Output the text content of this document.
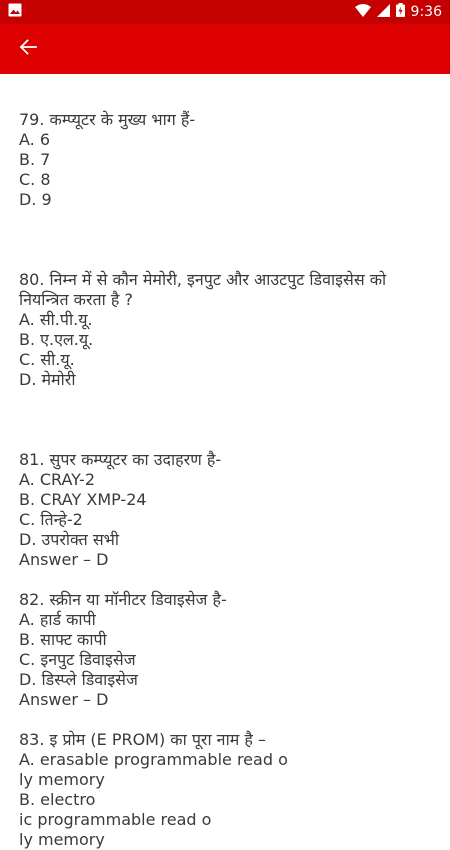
9:36
79. कम्प्यूटर के मुख्य भाग हैं-
A. 6
B. 7
C. 8
D. 9
80. निम्न में से कौन मेमोरी, इनपुट और आउटपुट डिवाइसेस को नियन्त्रित करता है ?
A. सी.पी.यू.
B. ए.एल.यू.
C. सी.यू.
D. मेमोरी
81. सुपर कम्प्यूटर का उदाहरण है-
A. CRAY-2
B. CRAY XMP-24
C. तिन्हे-2
D. उपरोक्त सभी
Answer – D
82. स्क्रीन या मॉनीटर डिवाइसेज है-
A. हार्ड कापी
B. साफ्ट कापी
C. इनपुट डिवाइसेज
D. डिस्प्ले डिवाइसेज
Answer – D
83. इ प्रोम (E PROM) का पूरा नाम है –
A. erasable programmable read o
ly memory
B. electro
ic programmable read o
ly memory
